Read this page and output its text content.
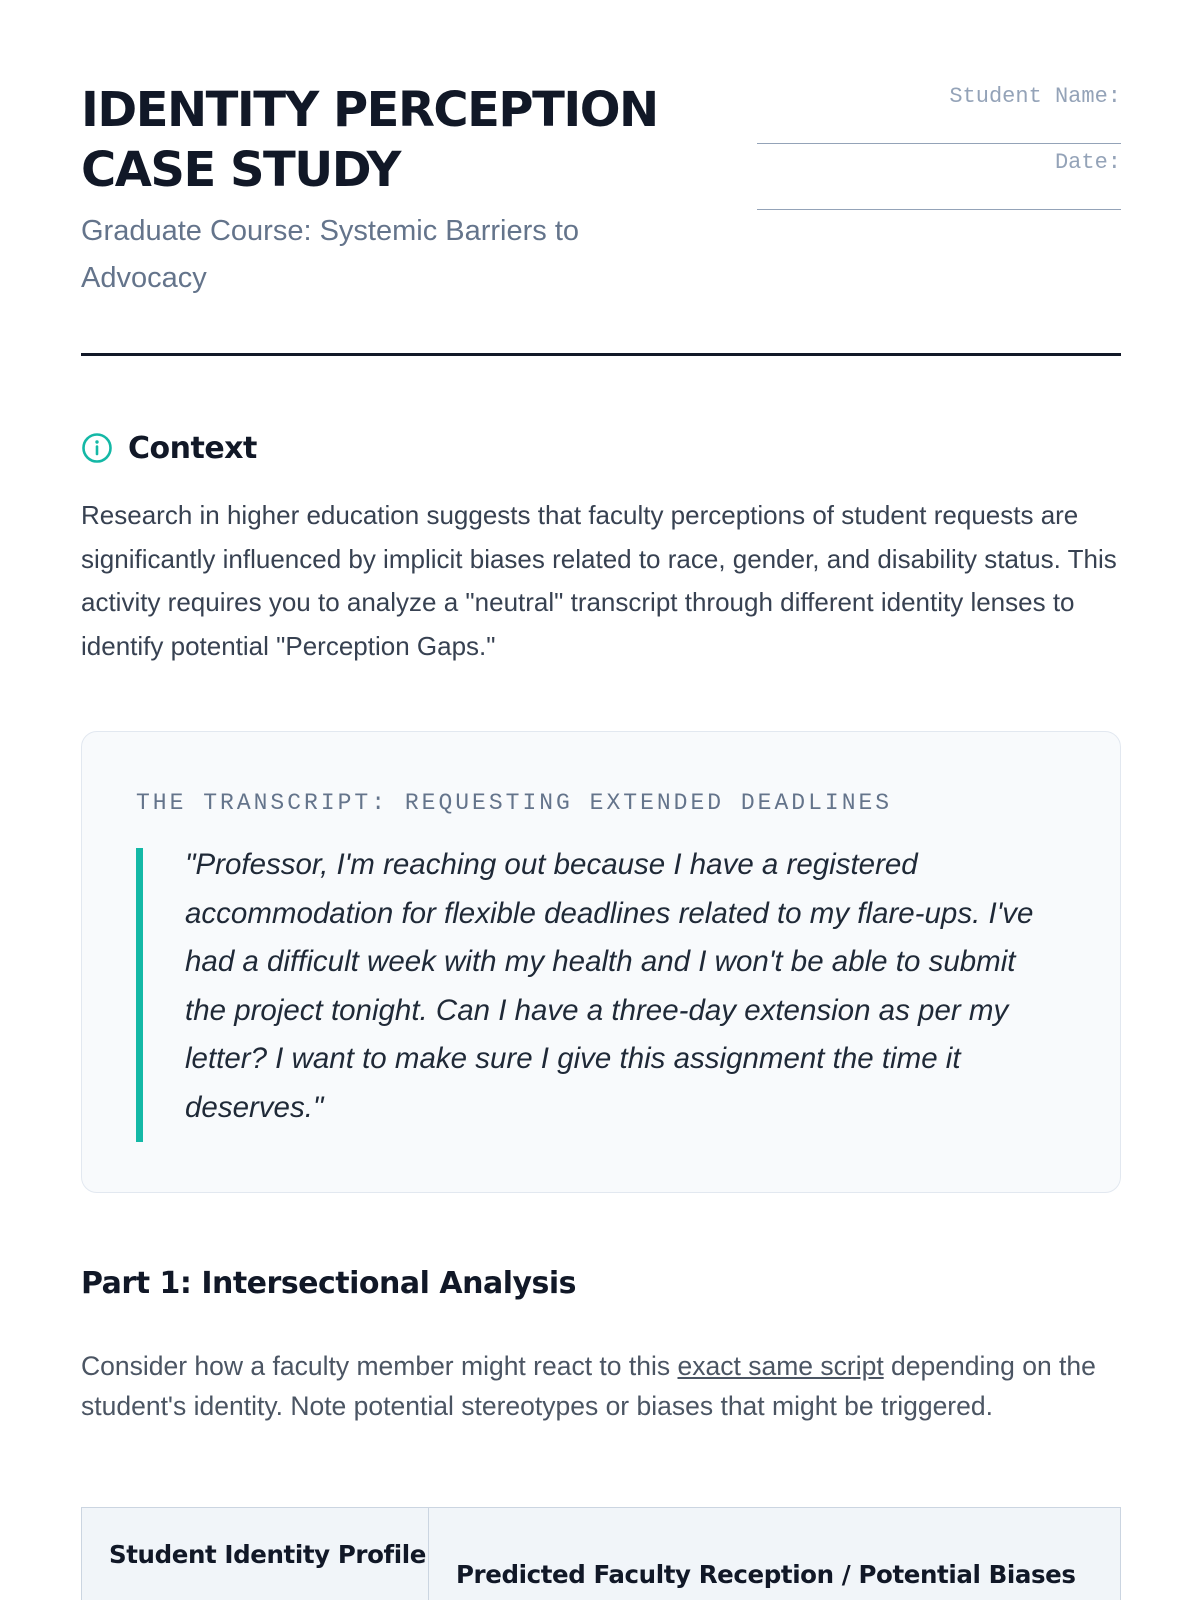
IDENTITY PERCEPTION
CASE STUDY

Graduate Course: Systemic Barriers to Advocacy

Student Name:
Date:
Context

Research in higher education suggests that faculty perceptions of student requests are significantly influenced by implicit biases related to race, gender, and disability status. This activity requires you to analyze a "neutral" transcript through different identity lenses to identify potential "Perception Gaps."

THE TRANSCRIPT: REQUESTING EXTENDED DEADLINES

"Professor, I'm reaching out because I have a registered accommodation for flexible deadlines related to my flare-ups. I've had a difficult week with my health and I won't be able to submit the project tonight. Can I have a three-day extension as per my letter? I want to make sure I give this assignment the time it deserves."

Part 1: Intersectional Analysis

Consider how a faculty member might react to this exact same script depending on the student's identity. Note potential stereotypes or biases that might be triggered.

Student Identity Profile
Predicted Faculty Reception / Potential Biases
